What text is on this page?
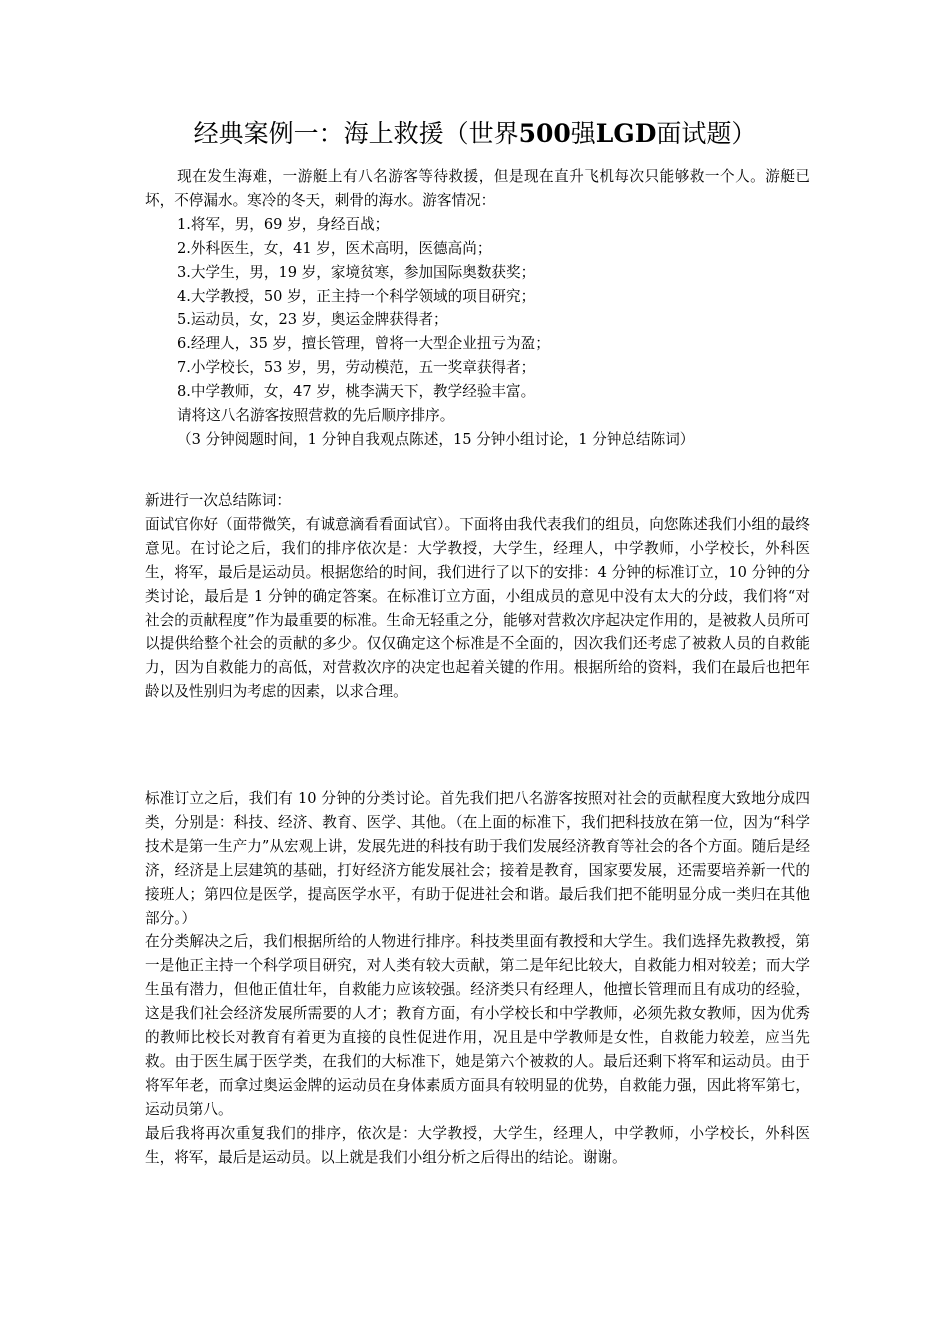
经典案例一：海上救援（世界500强LGD面试题）

现在发生海难，一游艇上有八名游客等待救援，但是现在直升飞机每次只能够救一个人。游艇已坏，不停漏水。寒冷的冬天，刺骨的海水。游客情况：

1.将军，男，69 岁，身经百战；

2.外科医生，女，41 岁，医术高明，医德高尚；

3.大学生，男，19 岁，家境贫寒，参加国际奥数获奖；

4.大学教授，50 岁，正主持一个科学领域的项目研究；

5.运动员，女，23 岁，奥运金牌获得者；

6.经理人，35 岁，擅长管理，曾将一大型企业扭亏为盈；

7.小学校长，53 岁，男，劳动模范，五一奖章获得者；

8.中学教师，女，47 岁，桃李满天下，教学经验丰富。

请将这八名游客按照营救的先后顺序排序。

（3 分钟阅题时间，1 分钟自我观点陈述，15 分钟小组讨论，1 分钟总结陈词）

新进行一次总结陈词：

面试官你好（面带微笑，有诚意滴看看面试官）。下面将由我代表我们的组员，向您陈述我们小组的最终意见。在讨论之后，我们的排序依次是：大学教授，大学生，经理人，中学教师，小学校长，外科医生，将军，最后是运动员。根据您给的时间，我们进行了以下的安排：4 分钟的标准订立，10 分钟的分类讨论，最后是 1 分钟的确定答案。在标准订立方面，小组成员的意见中没有太大的分歧，我们将“对社会的贡献程度”作为最重要的标准。生命无轻重之分，能够对营救次序起决定作用的，是被救人员所可以提供给整个社会的贡献的多少。仅仅确定这个标准是不全面的，因次我们还考虑了被救人员的自救能力，因为自救能力的高低，对营救次序的决定也起着关键的作用。根据所给的资料，我们在最后也把年龄以及性别归为考虑的因素，以求合理。

标准订立之后，我们有 10 分钟的分类讨论。首先我们把八名游客按照对社会的贡献程度大致地分成四类，分别是：科技、经济、教育、医学、其他。（在上面的标准下，我们把科技放在第一位，因为“科学技术是第一生产力”从宏观上讲，发展先进的科技有助于我们发展经济教育等社会的各个方面。随后是经济，经济是上层建筑的基础，打好经济方能发展社会；接着是教育，国家要发展，还需要培养新一代的接班人；第四位是医学，提高医学水平，有助于促进社会和谐。最后我们把不能明显分成一类归在其他部分。）

在分类解决之后，我们根据所给的人物进行排序。科技类里面有教授和大学生。我们选择先救教授，第一是他正主持一个科学项目研究，对人类有较大贡献，第二是年纪比较大，自救能力相对较差；而大学生虽有潜力，但他正值壮年，自救能力应该较强。经济类只有经理人，他擅长管理而且有成功的经验，这是我们社会经济发展所需要的人才；教育方面，有小学校长和中学教师，必须先救女教师，因为优秀的教师比校长对教育有着更为直接的良性促进作用，况且是中学教师是女性，自救能力较差，应当先救。由于医生属于医学类，在我们的大标准下，她是第六个被救的人。最后还剩下将军和运动员。由于将军年老，而拿过奥运金牌的运动员在身体素质方面具有较明显的优势，自救能力强，因此将军第七，运动员第八。

最后我将再次重复我们的排序，依次是：大学教授，大学生，经理人，中学教师，小学校长，外科医生，将军，最后是运动员。以上就是我们小组分析之后得出的结论。谢谢。
